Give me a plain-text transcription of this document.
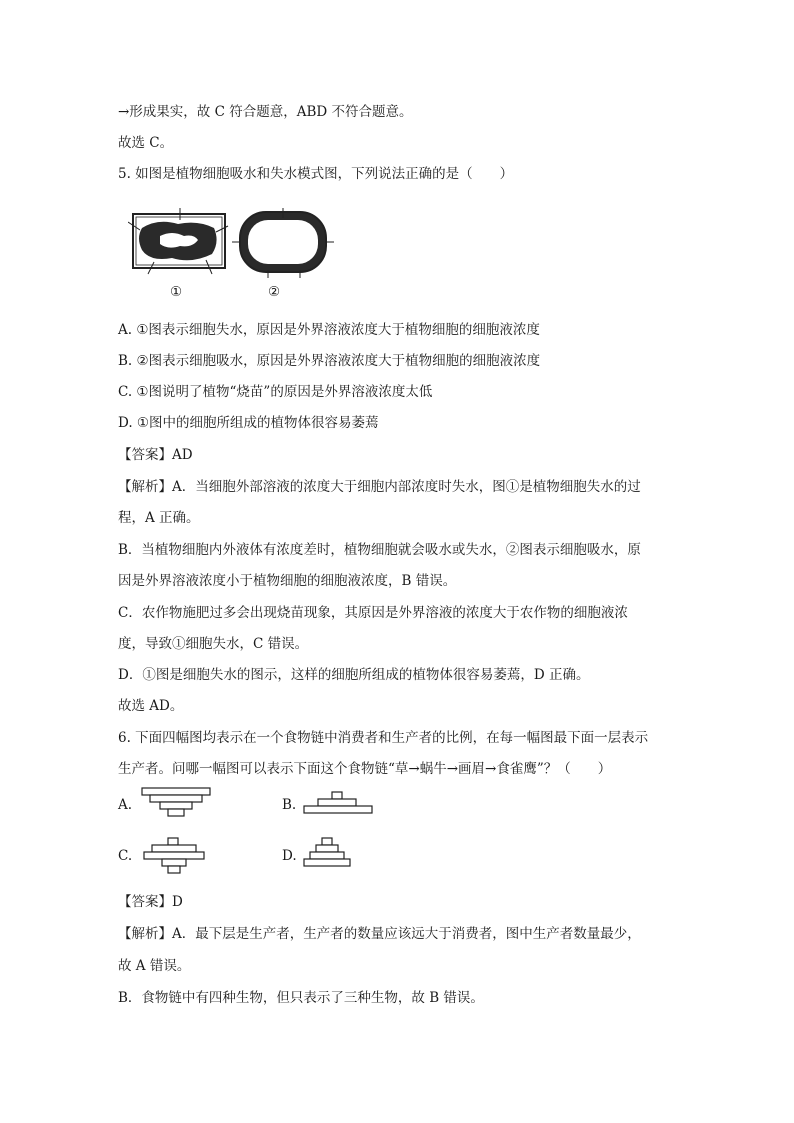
→形成果实，故 C 符合题意，ABD 不符合题意。
故选 C。
5. 如图是植物细胞吸水和失水模式图，下列说法正确的是（　　）
①	②
A. ①图表示细胞失水，原因是外界溶液浓度大于植物细胞的细胞液浓度
B. ②图表示细胞吸水，原因是外界溶液浓度大于植物细胞的细胞液浓度
C. ①图说明了植物“烧苗”的原因是外界溶液浓度太低
D. ①图中的细胞所组成的植物体很容易萎蔫
【答案】AD
【解析】A．当细胞外部溶液的浓度大于细胞内部浓度时失水，图①是植物细胞失水的过
程，A 正确。
B．当植物细胞内外液体有浓度差时，植物细胞就会吸水或失水，②图表示细胞吸水，原
因是外界溶液浓度小于植物细胞的细胞液浓度，B 错误。
C．农作物施肥过多会出现烧苗现象，其原因是外界溶液的浓度大于农作物的细胞液浓
度，导致①细胞失水，C 错误。
D．①图是细胞失水的图示，这样的细胞所组成的植物体很容易萎蔫，D 正确。
故选 AD。
6. 下面四幅图均表示在一个食物链中消费者和生产者的比例，在每一幅图最下面一层表示
生产者。问哪一幅图可以表示下面这个食物链“草→蜗牛→画眉→食雀鹰”？（　　）
A.	B.
C.	D.
【答案】D
【解析】A．最下层是生产者，生产者的数量应该远大于消费者，图中生产者数量最少，
故 A 错误。
B．食物链中有四种生物，但只表示了三种生物，故 B 错误。
